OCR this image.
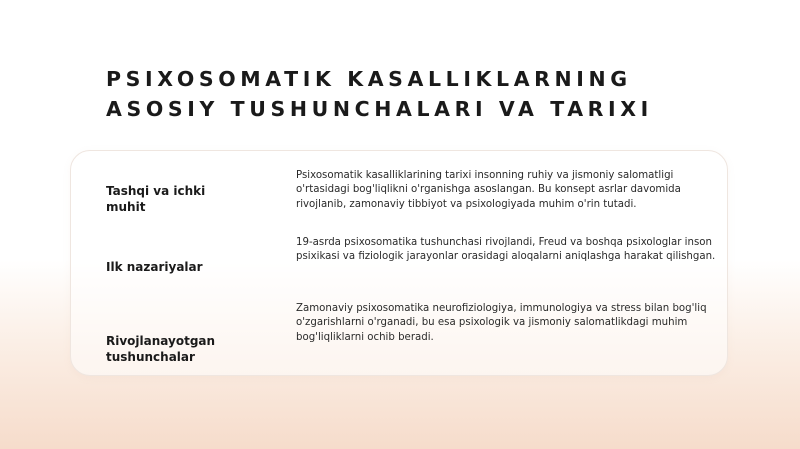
PSIXOSOMATIK KASALLIKLARNING
ASOSIY TUSHUNCHALARI VA TARIXI
Tashqi va ichki
muhit
Psixosomatik kasalliklarining tarixi insonning ruhiy va jismoniy salomatligi o'rtasidagi bog'liqlikni o'rganishga asoslangan. Bu konsept asrlar davomida rivojlanib, zamonaviy tibbiyot va psixologiyada muhim o'rin tutadi.
Ilk nazariyalar
19-asrda psixosomatika tushunchasi rivojlandi, Freud va boshqa psixologlar inson psixikasi va fiziologik jarayonlar orasidagi aloqalarni aniqlashga harakat qilishgan.
Rivojlanayotgan
tushunchalar
Zamonaviy psixosomatika neurofiziologiya, immunologiya va stress bilan bog'liq o'zgarishlarni o'rganadi, bu esa psixologik va jismoniy salomatlikdagi muhim bog'liqliklarni ochib beradi.
